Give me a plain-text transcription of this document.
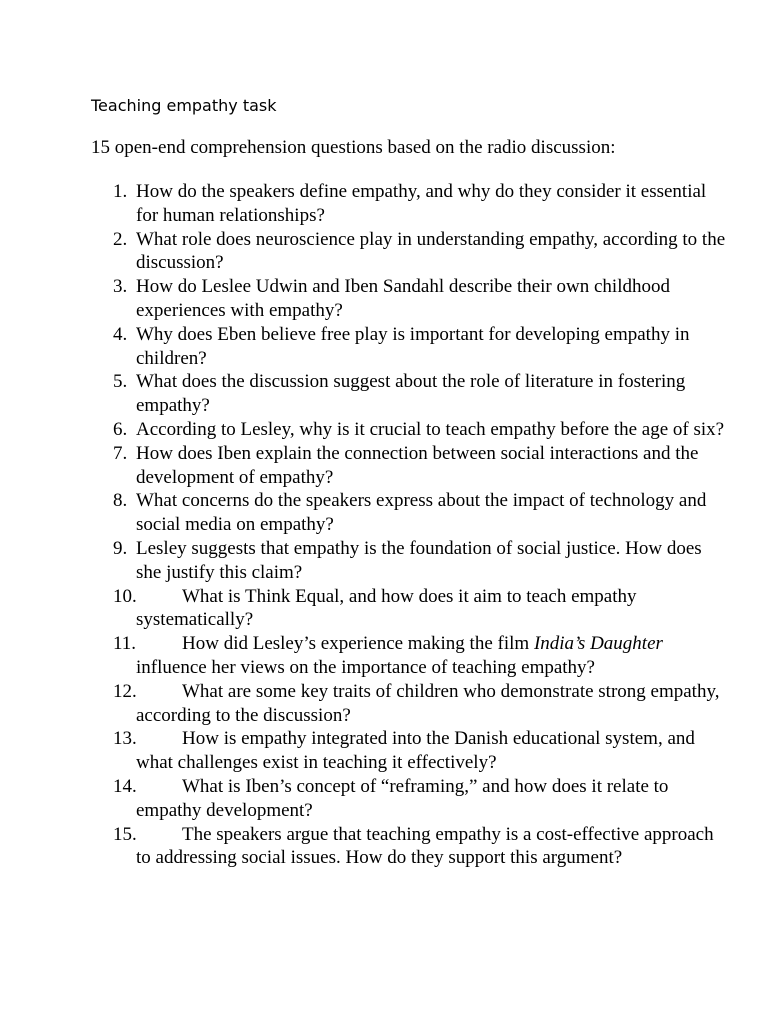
Teaching empathy task
15 open-end comprehension questions based on the radio discussion:
1. How do the speakers define empathy, and why do they consider it essential for human relationships?
2. What role does neuroscience play in understanding empathy, according to the discussion?
3. How do Leslee Udwin and Iben Sandahl describe their own childhood experiences with empathy?
4. Why does Eben believe free play is important for developing empathy in children?
5. What does the discussion suggest about the role of literature in fostering empathy?
6. According to Lesley, why is it crucial to teach empathy before the age of six?
7. How does Iben explain the connection between social interactions and the development of empathy?
8. What concerns do the speakers express about the impact of technology and social media on empathy?
9. Lesley suggests that empathy is the foundation of social justice. How does she justify this claim?
10.	What is Think Equal, and how does it aim to teach empathy systematically?
11.	How did Lesley’s experience making the film India’s Daughter influence her views on the importance of teaching empathy?
12.	What are some key traits of children who demonstrate strong empathy, according to the discussion?
13.	How is empathy integrated into the Danish educational system, and what challenges exist in teaching it effectively?
14.	What is Iben’s concept of “reframing,” and how does it relate to empathy development?
15.	The speakers argue that teaching empathy is a cost-effective approach to addressing social issues. How do they support this argument?
